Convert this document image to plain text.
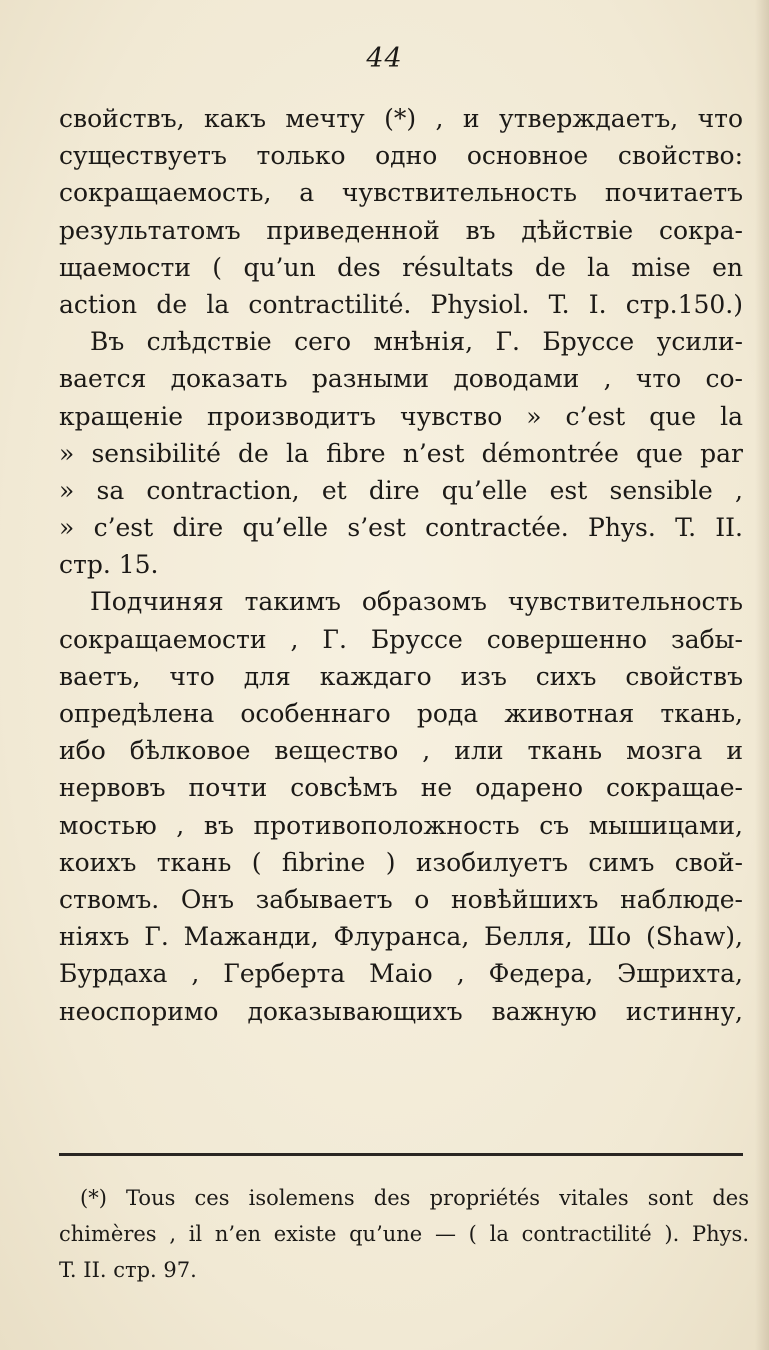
44
свойствъ, какъ мечту (*) , и утверждаетъ, что
существуетъ только одно основное свойство:
сокращаемость, а чувствительность почитаетъ
результатомъ приведенной въ дѣйствіе сокра-
щаемости ( qu’un des résultats de la mise en
action de la contractilité. Physiol. T. I. стр.150.)
Въ слѣдствіе сего мнѣнія, Г. Бруссе усили-
вается доказать разными доводами , что со-
кращеніе производитъ чувство » c’est que la
» sensibilité de la fibre n’est démontrée que par
» sa contraction, et dire qu’elle est sensible ,
» c’est dire qu’elle s’est contractée. Phys. T. II.
стр. 15.
Подчиняя такимъ образомъ чувствительность
сокращаемости , Г. Бруссе совершенно забы-
ваетъ, что для каждаго изъ сихъ свойствъ
опредѣлена особеннаго рода животная ткань,
ибо бѣлковое вещество , или ткань мозга и
нервовъ почти совсѣмъ не одарено сокращае-
мостью , въ противоположность съ мышицами,
коихъ ткань ( fibrine ) изобилуетъ симъ свой-
ствомъ. Онъ забываетъ о новѣйшихъ наблюде-
ніяхъ Г. Мажанди, Флуранса, Белля, Шо (Shaw),
Бурдаха , Герберта Маіо , Федера, Эшрихта,
неоспоримо доказывающихъ важную истинну,
(*) Tous ces isolemens des propriétés vitales sont des
chimères , il n’en existe qu’une — ( la contractilité ). Phys.
T. II. стр. 97.
